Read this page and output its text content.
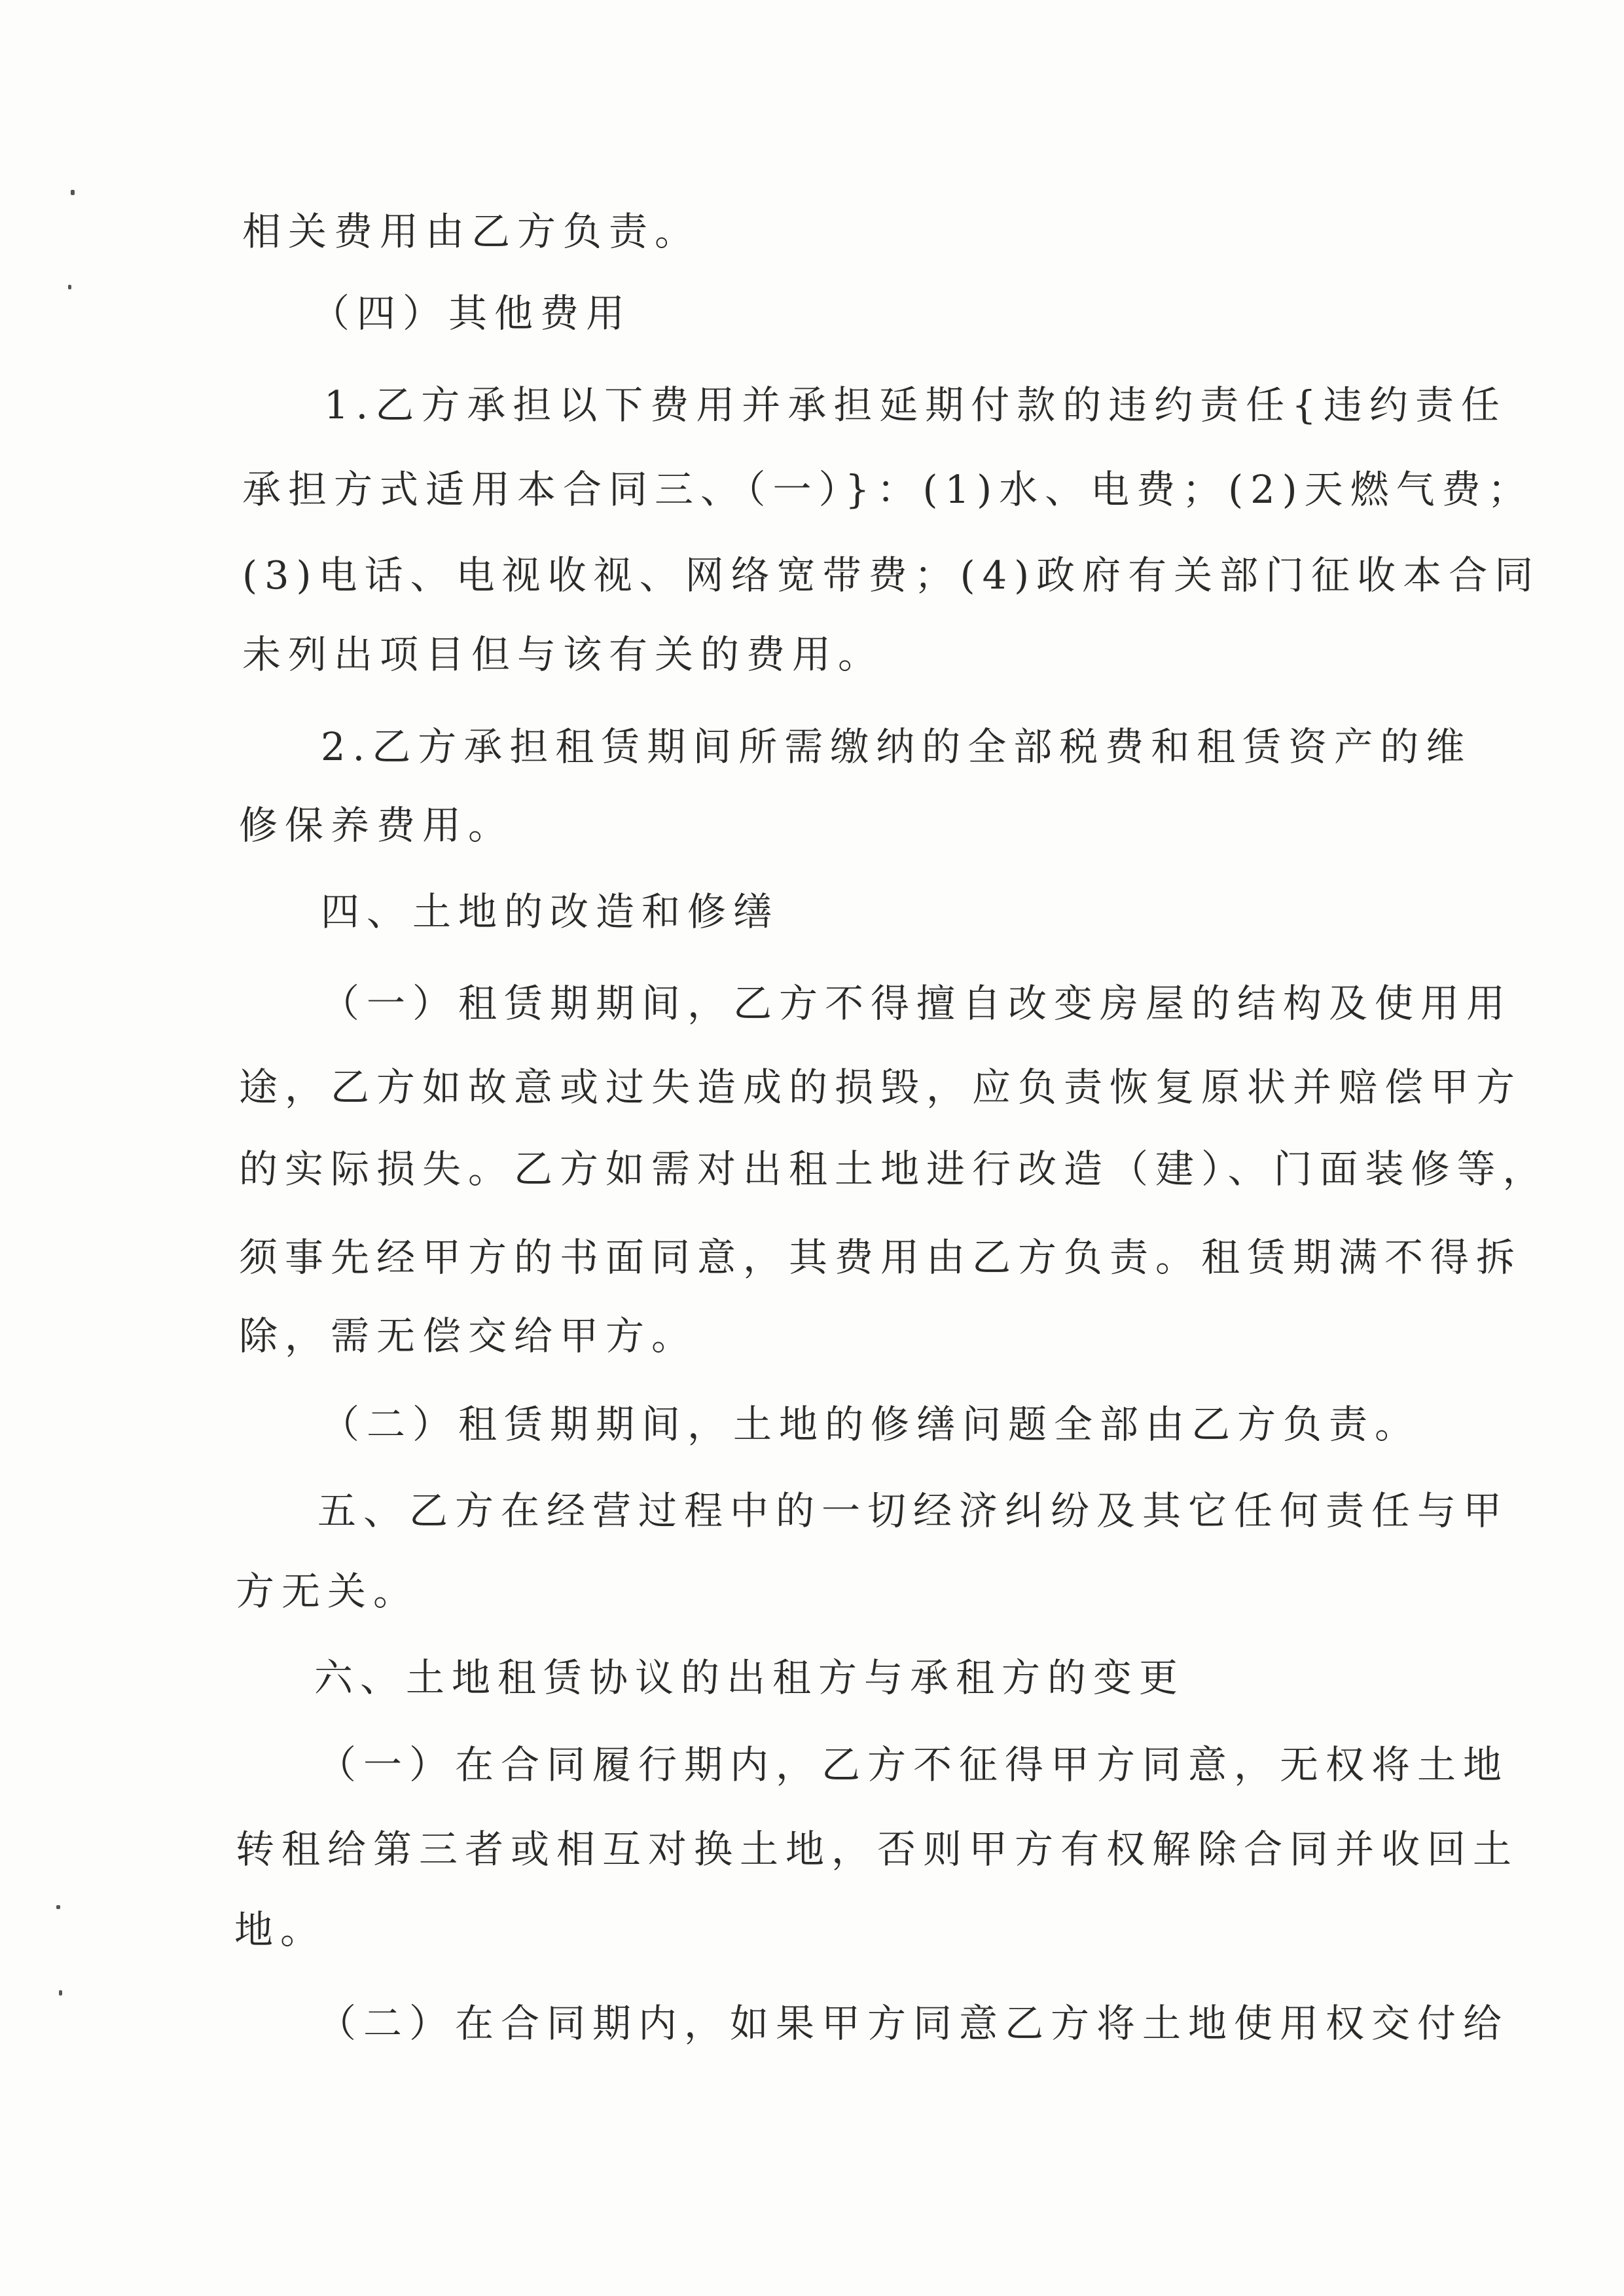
相关费用由乙方负责。
（四）其他费用
1.乙方承担以下费用并承担延期付款的违约责任{违约责任
承担方式适用本合同三、（一）}：(1)水、电费；(2)天燃气费；
(3)电话、电视收视、网络宽带费；(4)政府有关部门征收本合同
未列出项目但与该有关的费用。
2.乙方承担租赁期间所需缴纳的全部税费和租赁资产的维
修保养费用。
四、土地的改造和修缮
（一）租赁期期间，乙方不得擅自改变房屋的结构及使用用
途，乙方如故意或过失造成的损毁，应负责恢复原状并赔偿甲方
的实际损失。乙方如需对出租土地进行改造（建）、门面装修等，
须事先经甲方的书面同意，其费用由乙方负责。租赁期满不得拆
除，需无偿交给甲方。
（二）租赁期期间，土地的修缮问题全部由乙方负责。
五、乙方在经营过程中的一切经济纠纷及其它任何责任与甲
方无关。
六、土地租赁协议的出租方与承租方的变更
（一）在合同履行期内，乙方不征得甲方同意，无权将土地
转租给第三者或相互对换土地，否则甲方有权解除合同并收回土
地。
（二）在合同期内，如果甲方同意乙方将土地使用权交付给
